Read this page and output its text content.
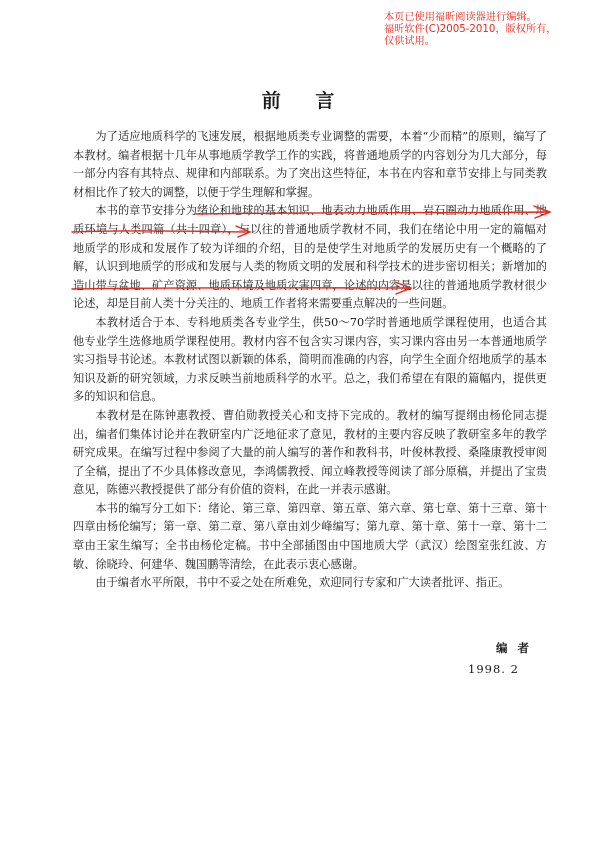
本页已使用福昕阅读器进行编辑。
福昕软件(C)2005-2010，版权所有，
仅供试用。
前 言

为了适应地质科学的飞速发展，根据地质类专业调整的需要，本着“少而精”的原则，编写了本教材。编者根据十几年从事地质学教学工作的实践，将普通地质学的内容划分为几大部分，每一部分内容有其特点、规律和内部联系。为了突出这些特征，本书在内容和章节安排上与同类教材相比作了较大的调整，以便于学生理解和掌握。

本书的章节安排分为绪论和地球的基本知识、地表动力地质作用、岩石圈动力地质作用、地质环境与人类四篇（共十四章），与以往的普通地质学教材不同，我们在绪论中用一定的篇幅对地质学的形成和发展作了较为详细的介绍，目的是使学生对地质学的发展历史有一个概略的了解，认识到地质学的形成和发展与人类的物质文明的发展和科学技术的进步密切相关；新增加的造山带与盆地、矿产资源、地质环境及地质灾害四章，论述的内容是以往的普通地质学教材很少论述，却是目前人类十分关注的、地质工作者将来需要重点解决的一些问题。

本教材适合于本、专科地质类各专业学生，供50～70学时普通地质学课程使用，也适合其他专业学生选修地质学课程使用。教材内容不包含实习课内容，实习课内容由另一本普通地质学实习指导书论述。本教材试图以新颖的体系，简明而准确的内容，向学生全面介绍地质学的基本知识及新的研究领域，力求反映当前地质科学的水平。总之，我们希望在有限的篇幅内，提供更多的知识和信息。

本教材是在陈钟惠教授、曹伯勋教授关心和支持下完成的。教材的编写提纲由杨伦同志提出，编者们集体讨论并在教研室内广泛地征求了意见，教材的主要内容反映了教研室多年的教学研究成果。在编写过程中参阅了大量的前人编写的著作和教科书，叶俊林教授、桑隆康教授审阅了全稿，提出了不少具体修改意见，李鸿儒教授、闻立峰教授等阅读了部分原稿，并提出了宝贵意见，陈德兴教授提供了部分有价值的资料，在此一并表示感谢。

本书的编写分工如下：绪论、第三章、第四章、第五章、第六章、第七章、第十三章、第十四章由杨伦编写；第一章、第二章、第八章由刘少峰编写；第九章、第十章、第十一章、第十二章由王家生编写；全书由杨伦定稿。书中全部插图由中国地质大学（武汉）绘图室张红波、方敏、徐晓玲、何建华、魏国鹏等清绘，在此表示衷心感谢。

由于编者水平所限，书中不妥之处在所难免，欢迎同行专家和广大读者批评、指正。

编者
1998. 2
